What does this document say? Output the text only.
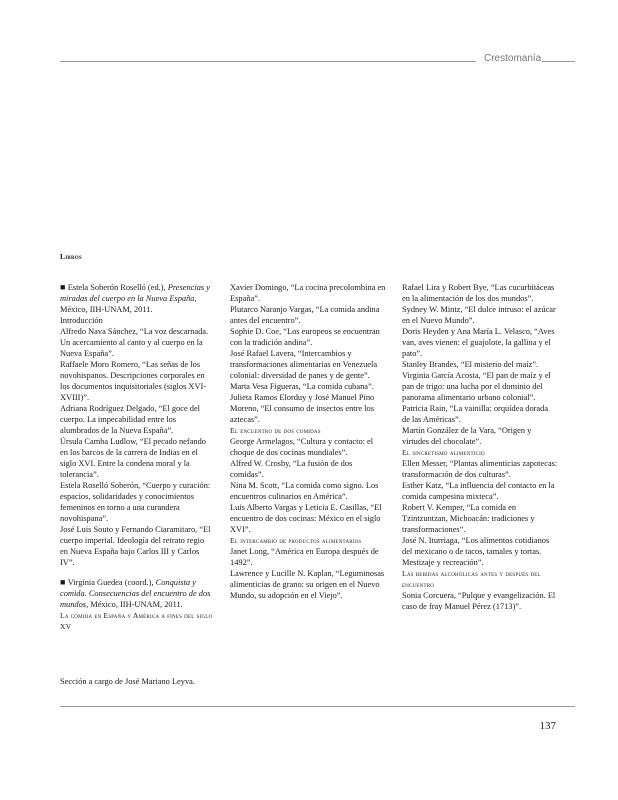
Crestomanía
Libros
■ Estela Soberón Roselló (ed.), Presencias y miradas del cuerpo en la Nueva España, México, IIH-UNAM, 2011.
Introducción
Alfredo Nava Sánchez, “La voz descarnada. Un acercamiento al canto y al cuerpo en la Nueva España”.
Raffaele Moro Romero, “Las señas de los novohispanos. Descripciones corporales en los documentos inquisitoriales (siglos XVI-XVIII)”.
Adriana Rodríguez Delgado, “El goce del cuerpo. La impecabilidad entre los alumbrados de la Nueva España”.
Úrsula Camba Ludlow, “El pecado nefando en los barcos de la carrera de Indias en el siglo XVI. Entre la condena moral y la tolerancia”.
Estela Roselló Soberón, “Cuerpo y curación: espacios, solidaridades y conocimientos femeninos en torno a una curandera novohispana”.
José Luis Souto y Fernando Ciaramitaro, “El cuerpo imperial. Ideología del retrato regio en Nueva España bajo Carlos III y Carlos IV”.
■ Virginia Guedea (coord.), Conquista y comida. Consecuencias del encuentro de dos mundos, México, IIH-UNAM, 2011.
La comida en España y América a fines del siglo XV
Xavier Domingo, “La cocina precolombina en España”.
Plutarco Naranjo Vargas, “La comida andina antes del encuentro”.
Sophie D. Coe, “Los europeos se encuentran con la tradición andina”.
José Rafael Lavera, “Intercambios y transformaciones alimentarias en Venezuela colonial: diversidad de panes y de gente”.
Marta Vesa Figueras, “La comida cubana”.
Julieta Ramos Elorduy y José Manuel Pino Moreno, “El consumo de insectos entre los aztecas”.
El encuentro de dos comidas
George Armelagos, “Cultura y contacto: el choque de dos cocinas mundiales”.
Alfred W. Crosby, “La fusión de dos comidas”.
Nina M. Scott, “La comida como signo. Los encuentros culinarios en América”.
Luis Alberto Vargas y Leticia E. Casillas, “El encuentro de dos cocinas: México en el siglo XVI”.
El intercambio de productos alimentarios
Janet Long, “América en Europa después de 1492”.
Lawrence y Lucille N. Kaplan, “Leguminosas alimenticias de grano: su origen en el Nuevo Mundo, su adopción en el Viejo”.
Rafael Lira y Robert Bye, “Las cucurbitáceas en la alimentación de los dos mundos”.
Sydney W. Mintz, “El dulce intruso: el azúcar en el Nuevo Mundo”.
Doris Heyden y Ana María L. Velasco, “Aves van, aves vienen: el guajolote, la gallina y el pato”.
Stanley Brandes, “El misterio del maíz”.
Virginia García Acosta, “El pan de maíz y el pan de trigo: una lucha por el dominio del panorama alimentario urbano colonial”.
Patricia Rain, “La vainilla: orquídea dorada de las Américas”.
Martín González de la Vara, “Origen y virtudes del chocolate”.
El sincretismo alimenticio
Ellen Messer, “Plantas alimenticias zapotecas: transformación de dos culturas”.
Esther Katz, “La influencia del contacto en la comida campesina mixteca”.
Robert V. Kemper, “La comida en Tzintzuntzan, Michoacán: tradiciones y transformaciones”.
José N. Iturriaga, “Los alimentos cotidianos del mexicano o de tacos, tamales y tortas. Mestizaje y recreación”.
Las bebidas alcohólicas antes y después del encuentro
Sonia Corcuera, “Pulque y evangelización. El caso de fray Manuel Pérez (1713)”.
Sección a cargo de José Mariano Leyva.
137
